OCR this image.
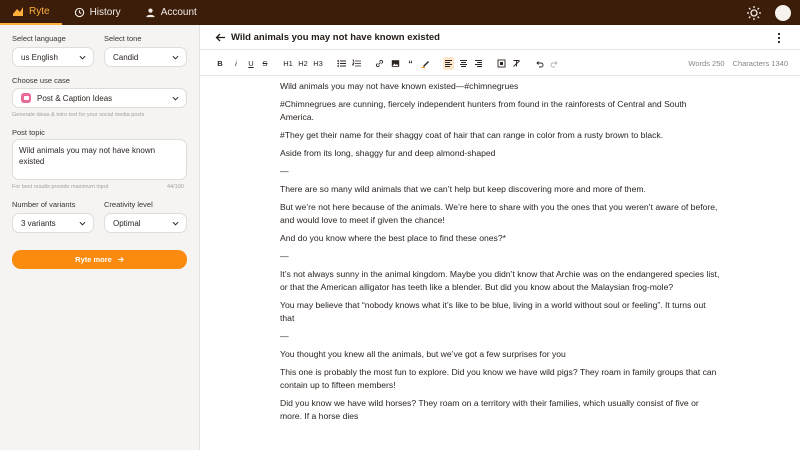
Ryte	History	Account
Select language
us English
Select tone
Candid
Choose use case
Post & Caption Ideas
Generate ideas & intro text for your social media posts
Post topic
Wild animals you may not have known existed
For best results provide maximum input	44/100
Number of variants
3 variants
Creativity level
Optimal
Ryte more
Wild animals you may not have known existed
B	i	U	S	H1 H2 H3	“	Words 250 Characters 1340

Wild animals you may not have known existed—#chimnegrues

#Chimnegrues are cunning, fiercely independent hunters from found in the rainforests of Central and South America.

#They get their name for their shaggy coat of hair that can range in color from a rusty brown to black.

Aside from its long, shaggy fur and deep almond-shaped

—

There are so many wild animals that we can’t help but keep discovering more and more of them.

But we’re not here because of the animals. We’re here to share with you the ones that you weren’t aware of before, and would love to meet if given the chance!

And do you know where the best place to find these ones?*

—

It’s not always sunny in the animal kingdom. Maybe you didn’t know that Archie was on the endangered species list, or that the American alligator has teeth like a blender. But did you know about the Malaysian frog-mole?

You may believe that “nobody knows what it’s like to be blue, living in a world without soul or feeling”. It turns out that

—

You thought you knew all the animals, but we’ve got a few surprises for you

This one is probably the most fun to explore. Did you know we have wild pigs? They roam in family groups that can contain up to fifteen members!

Did you know we have wild horses? They roam on a territory with their families, which usually consist of five or more. If a horse dies
